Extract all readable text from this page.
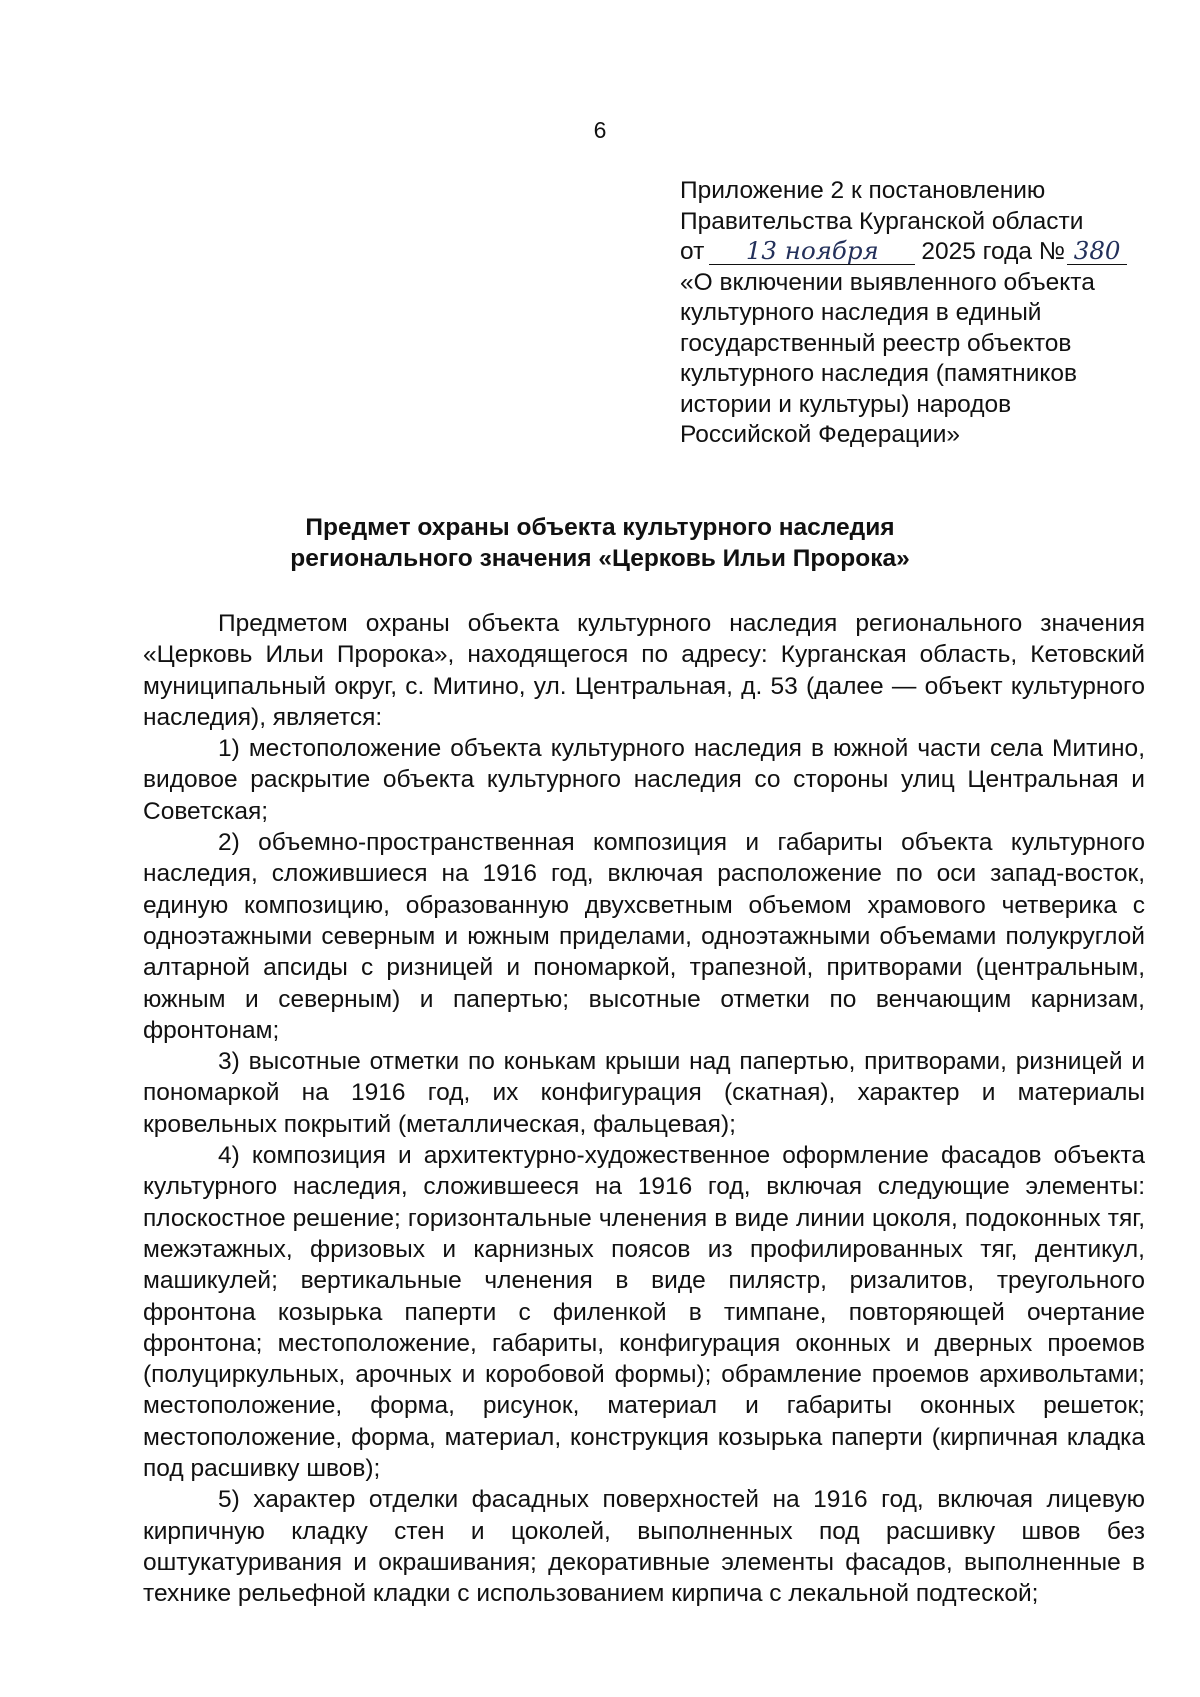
6
Приложение 2 к постановлению
Правительства Курганской области
от 13 ноября 2025 года № 380
«О включении выявленного объекта
культурного наследия в единый
государственный реестр объектов
культурного наследия (памятников
истории и культуры) народов
Российской Федерации»
Предмет охраны объекта культурного наследия
регионального значения «Церковь Ильи Пророка»

Предметом охраны объекта культурного наследия регионального значения «Церковь Ильи Пророка», находящегося по адресу: Курганская область, Кетовский муниципальный округ, с. Митино, ул. Центральная, д. 53 (далее — объект культурного наследия), является:

1) местоположение объекта культурного наследия в южной части села Митино, видовое раскрытие объекта культурного наследия со стороны улиц Центральная и Советская;

2) объемно-пространственная композиция и габариты объекта культурного наследия, сложившиеся на 1916 год, включая расположение по оси запад-восток, единую композицию, образованную двухсветным объемом храмового четверика с одноэтажными северным и южным приделами, одноэтажными объемами полукруглой алтарной апсиды с ризницей и пономаркой, трапезной, притворами (центральным, южным и северным) и папертью; высотные отметки по венчающим карнизам, фронтонам;

3) высотные отметки по конькам крыши над папертью, притворами, ризницей и пономаркой на 1916 год, их конфигурация (скатная), характер и материалы кровельных покрытий (металлическая, фальцевая);

4) композиция и архитектурно-художественное оформление фасадов объекта культурного наследия, сложившееся на 1916 год, включая следующие элементы: плоскостное решение; горизонтальные членения в виде линии цоколя, подоконных тяг, межэтажных, фризовых и карнизных поясов из профилированных тяг, дентикул, машикулей; вертикальные членения в виде пилястр, ризалитов, треугольного фронтона козырька паперти с филенкой в тимпане, повторяющей очертание фронтона; местоположение, габариты, конфигурация оконных и дверных проемов (полуциркульных, арочных и коробовой формы); обрамление проемов архивольтами; местоположение, форма, рисунок, материал и габариты оконных решеток; местоположение, форма, материал, конструкция козырька паперти (кирпичная кладка под расшивку швов);

5) характер отделки фасадных поверхностей на 1916 год, включая лицевую кирпичную кладку стен и цоколей, выполненных под расшивку швов без оштукатуривания и окрашивания; декоративные элементы фасадов, выполненные в технике рельефной кладки с использованием кирпича с лекальной подтеской;
